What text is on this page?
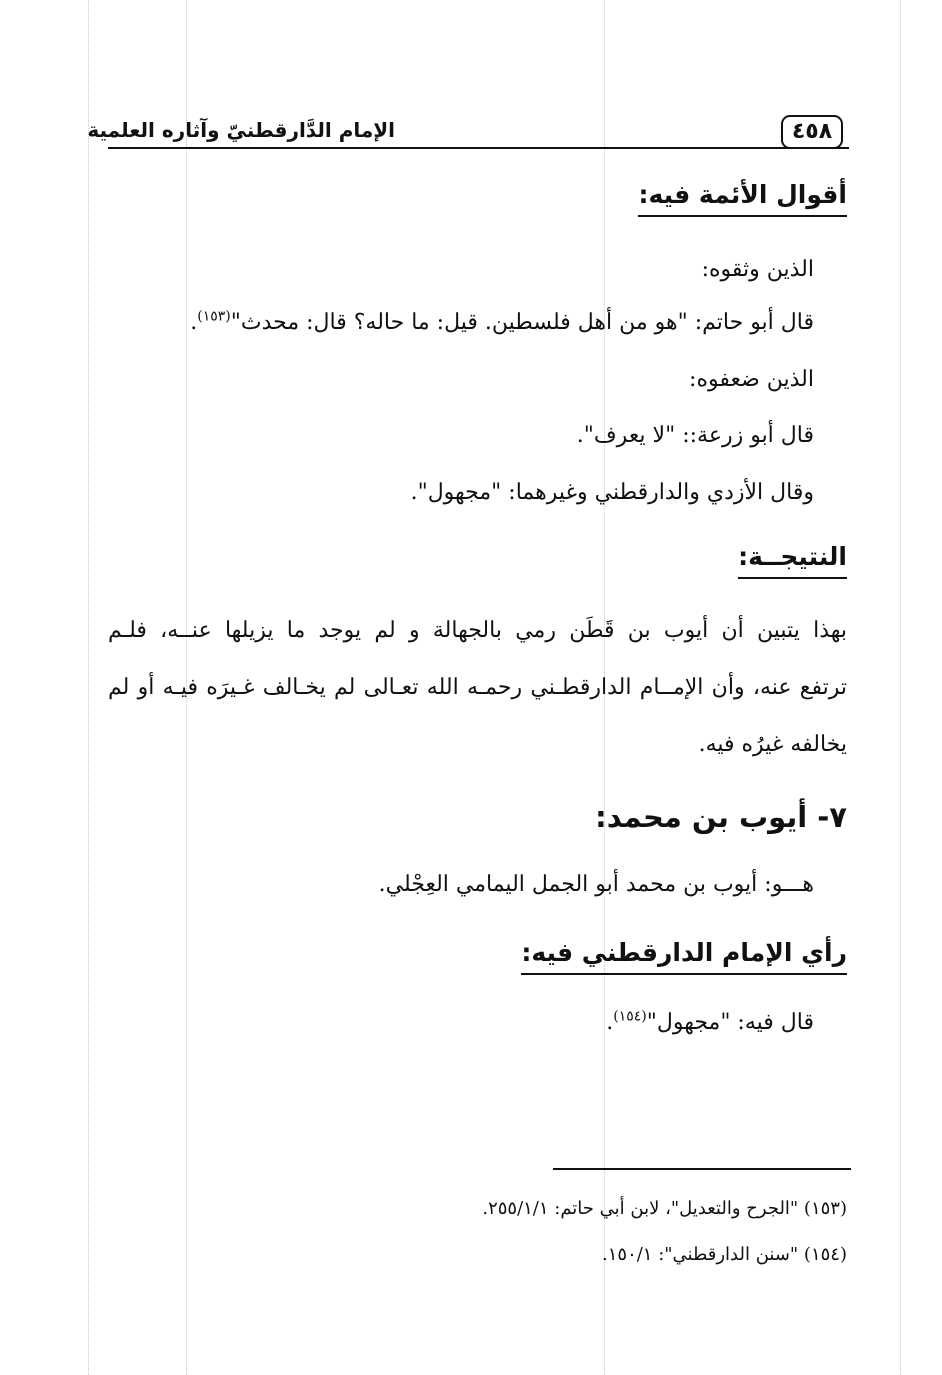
٤٥٨
الإمام الدَّارقطنيّ وآثاره العلمية
أقوال الأئمة فيه:
الذين وثقوه:
قال أبو حاتم: "هو من أهل فلسطين. قيل: ما حاله؟ قال: محدث"$^{(١٥٣)}$.
الذين ضعفوه:
قال أبو زرعة:: "لا يعرف".
وقال الأزدي والدارقطني وغيرهما: "مجهول".
النتيجــة:
بهذا يتبين أن أيوب بن قَطَن رمي بالجهالة و لم يوجد ما يزيلها عنــه، فلـم
ترتفع عنه، وأن الإمــام الدارقطـني رحمـه الله تعـالى لم يخـالف غـيرَه فيـه أو لم
يخالفه غيرُه فيه.
٧- أيوب بن محمد:
هـــو: أيوب بن محمد أبو الجمل اليمامي العِجْلي.
رأي الإمام الدارقطني فيه:
قال فيه: "مجهول"$^{(١٥٤)}$.
(١٥٣) "الجرح والتعديل"، لابن أبي حاتم: ٢٥٥/١/١.
(١٥٤) "سنن الدارقطني": ١٥٠/١.
